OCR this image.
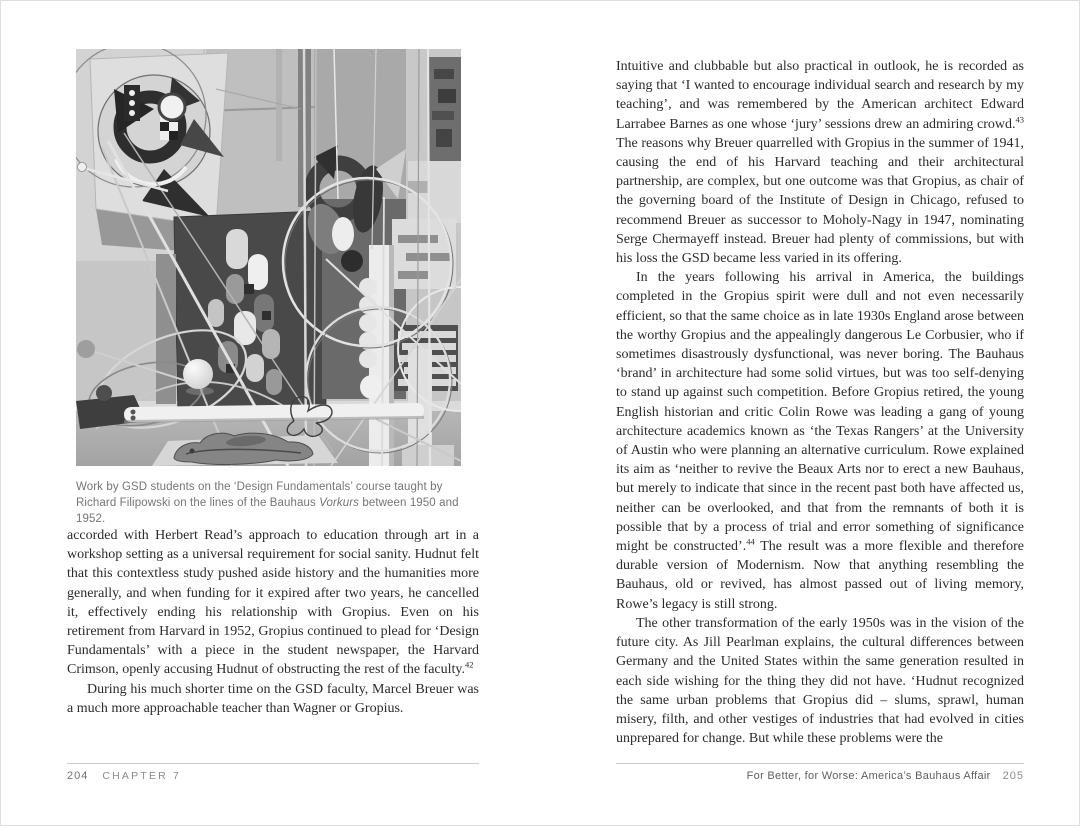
Work by GSD students on the ‘Design Fundamentals’ course taught by Richard Filipowski on the lines of the Bauhaus Vorkurs between 1950 and 1952.

accorded with Herbert Read’s approach to education through art in a workshop setting as a universal requirement for social sanity. Hudnut felt that this contextless study pushed aside history and the humanities more generally, and when funding for it expired after two years, he cancelled it, effectively ending his relationship with Gropius. Even on his retirement from Harvard in 1952, Gropius continued to plead for ‘Design Fundamentals’ with a piece in the student newspaper, the Harvard Crimson, openly accusing Hudnut of obstructing the rest of the faculty.$^{42}$

During his much shorter time on the GSD faculty, Marcel Breuer was a much more approachable teacher than Wagner or Gropius.

204 CHAPTER 7

Intuitive and clubbable but also practical in outlook, he is recorded as saying that ‘I wanted to encourage individual search and research by my teaching’, and was remembered by the American architect Edward Larrabee Barnes as one whose ‘jury’ sessions drew an admiring crowd.$^{43}$ The reasons why Breuer quarrelled with Gropius in the summer of 1941, causing the end of his Harvard teaching and their architectural partnership, are complex, but one outcome was that Gropius, as chair of the governing board of the Institute of Design in Chicago, refused to recommend Breuer as successor to Moholy-Nagy in 1947, nominating Serge Chermayeff instead. Breuer had plenty of commissions, but with his loss the GSD became less varied in its offering.

In the years following his arrival in America, the buildings completed in the Gropius spirit were dull and not even necessarily efficient, so that the same choice as in late 1930s England arose between the worthy Gropius and the appealingly dangerous Le Corbusier, who if sometimes disastrously dysfunctional, was never boring. The Bauhaus ‘brand’ in architecture had some solid virtues, but was too self-denying to stand up against such competition. Before Gropius retired, the young English historian and critic Colin Rowe was leading a gang of young architecture academics known as ‘the Texas Rangers’ at the University of Austin who were planning an alternative curriculum. Rowe explained its aim as ‘neither to revive the Beaux Arts nor to erect a new Bauhaus, but merely to indicate that since in the recent past both have affected us, neither can be overlooked, and that from the remnants of both it is possible that by a process of trial and error something of significance might be constructed’.$^{44}$ The result was a more flexible and therefore durable version of Modernism. Now that anything resembling the Bauhaus, old or revived, has almost passed out of living memory, Rowe’s legacy is still strong.

The other transformation of the early 1950s was in the vision of the future city. As Jill Pearlman explains, the cultural differences between Germany and the United States within the same generation resulted in each side wishing for the thing they did not have. ‘Hudnut recognized the same urban problems that Gropius did – slums, sprawl, human misery, filth, and other vestiges of industries that had evolved in cities unprepared for change. But while these problems were the

For Better, for Worse: America’s Bauhaus Affair 205
